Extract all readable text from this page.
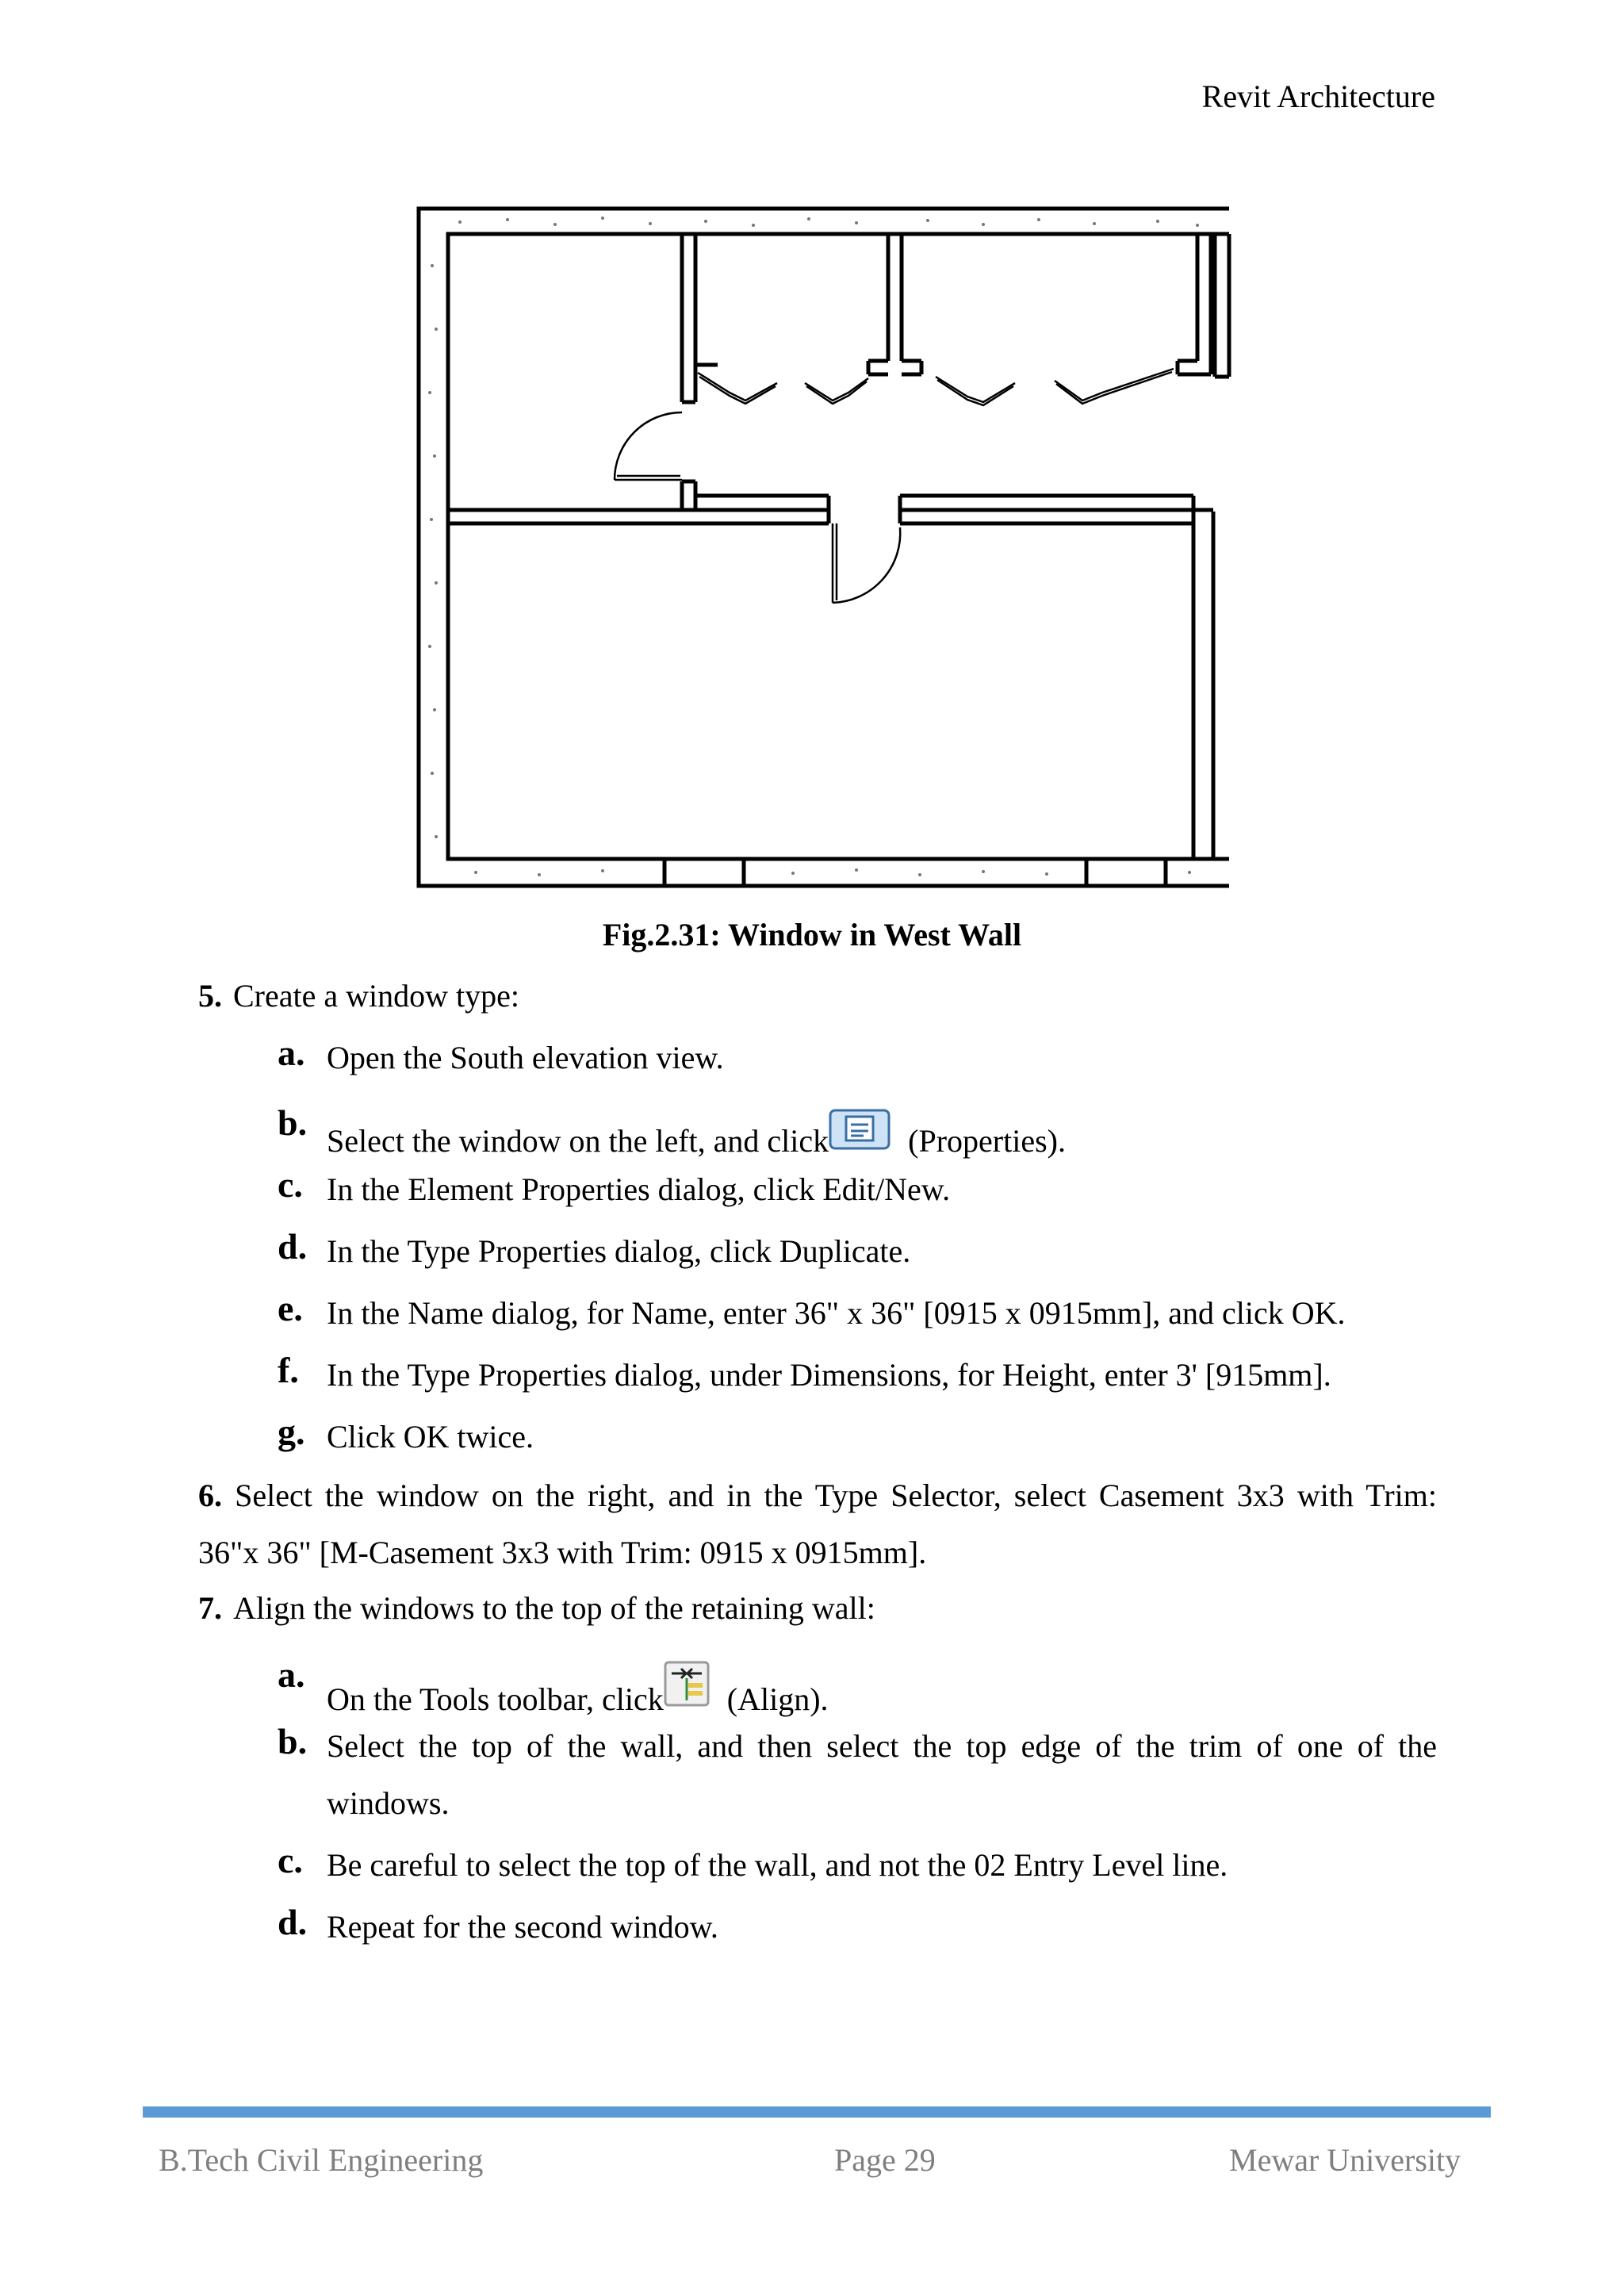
Revit Architecture
Fig.2.31: Window in West Wall
5. Create a window type:
a. Open the South elevation view.
b. Select the window on the left, and click	(Properties).
c. In the Element Properties dialog, click Edit/New.
d. In the Type Properties dialog, click Duplicate.
e. In the Name dialog, for Name, enter 36" x 36" [0915 x 0915mm], and click OK.
f. In the Type Properties dialog, under Dimensions, for Height, enter 3' [915mm].
g. Click OK twice.
6. Select the window on the right, and in the Type Selector, select Casement 3x3 with Trim:
36"x 36" [M-Casement 3x3 with Trim: 0915 x 0915mm].
7. Align the windows to the top of the retaining wall:
a.
On the Tools toolbar, click (Align).
b. Select the top of the wall, and then select the top edge of the trim of one of the
windows.
c. Be careful to select the top of the wall, and not the 02 Entry Level line.
d. Repeat for the second window.
B.Tech Civil Engineering	Page 29	Mewar University
